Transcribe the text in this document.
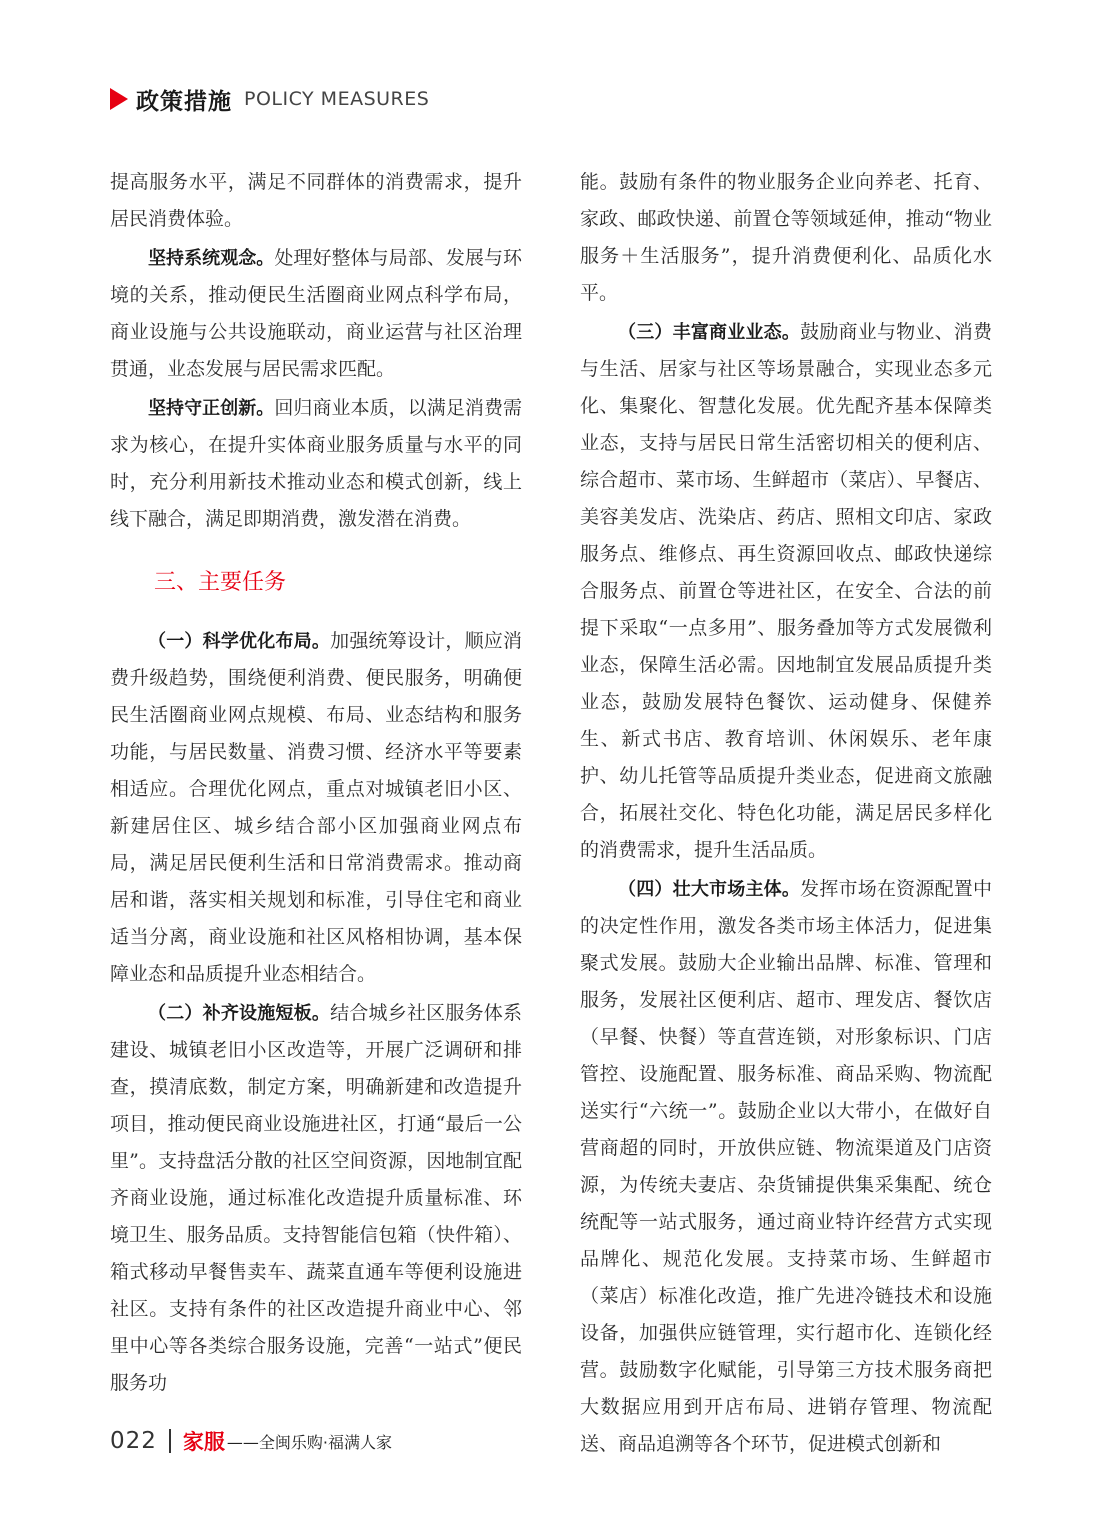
政策措施 POLICY MEASURES

提高服务水平，满足不同群体的消费需求，提升居民消费体验。

坚持系统观念。处理好整体与局部、发展与环境的关系，推动便民生活圈商业网点科学布局，商业设施与公共设施联动，商业运营与社区治理贯通，业态发展与居民需求匹配。

坚持守正创新。回归商业本质，以满足消费需求为核心，在提升实体商业服务质量与水平的同时，充分利用新技术推动业态和模式创新，线上线下融合，满足即期消费，激发潜在消费。

三、主要任务

（一）科学优化布局。加强统筹设计，顺应消费升级趋势，围绕便利消费、便民服务，明确便民生活圈商业网点规模、布局、业态结构和服务功能，与居民数量、消费习惯、经济水平等要素相适应。合理优化网点，重点对城镇老旧小区、新建居住区、城乡结合部小区加强商业网点布局，满足居民便利生活和日常消费需求。推动商居和谐，落实相关规划和标准，引导住宅和商业适当分离，商业设施和社区风格相协调，基本保障业态和品质提升业态相结合。

（二）补齐设施短板。结合城乡社区服务体系建设、城镇老旧小区改造等，开展广泛调研和排查，摸清底数，制定方案，明确新建和改造提升项目，推动便民商业设施进社区，打通“最后一公里”。支持盘活分散的社区空间资源，因地制宜配齐商业设施，通过标准化改造提升质量标准、环境卫生、服务品质。支持智能信包箱（快件箱）、箱式移动早餐售卖车、蔬菜直通车等便利设施进社区。支持有条件的社区改造提升商业中心、邻里中心等各类综合服务设施，完善“一站式”便民服务功

能。鼓励有条件的物业服务企业向养老、托育、家政、邮政快递、前置仓等领域延伸，推动“物业服务＋生活服务”，提升消费便利化、品质化水平。

（三）丰富商业业态。鼓励商业与物业、消费与生活、居家与社区等场景融合，实现业态多元化、集聚化、智慧化发展。优先配齐基本保障类业态，支持与居民日常生活密切相关的便利店、综合超市、菜市场、生鲜超市（菜店）、早餐店、美容美发店、洗染店、药店、照相文印店、家政服务点、维修点、再生资源回收点、邮政快递综合服务点、前置仓等进社区，在安全、合法的前提下采取“一点多用”、服务叠加等方式发展微利业态，保障生活必需。因地制宜发展品质提升类业态，鼓励发展特色餐饮、运动健身、保健养生、新式书店、教育培训、休闲娱乐、老年康护、幼儿托管等品质提升类业态，促进商文旅融合，拓展社交化、特色化功能，满足居民多样化的消费需求，提升生活品质。

（四）壮大市场主体。发挥市场在资源配置中的决定性作用，激发各类市场主体活力，促进集聚式发展。鼓励大企业输出品牌、标准、管理和服务，发展社区便利店、超市、理发店、餐饮店（早餐、快餐）等直营连锁，对形象标识、门店管控、设施配置、服务标准、商品采购、物流配送实行“六统一”。鼓励企业以大带小，在做好自营商超的同时，开放供应链、物流渠道及门店资源，为传统夫妻店、杂货铺提供集采集配、统仓统配等一站式服务，通过商业特许经营方式实现品牌化、规范化发展。支持菜市场、生鲜超市（菜店）标准化改造，推广先进冷链技术和设施设备，加强供应链管理，实行超市化、连锁化经营。鼓励数字化赋能，引导第三方技术服务商把大数据应用到开店布局、进销存管理、物流配送、商品追溯等各个环节，促进模式创新和

022 家服 ——全闽乐购·福满人家
